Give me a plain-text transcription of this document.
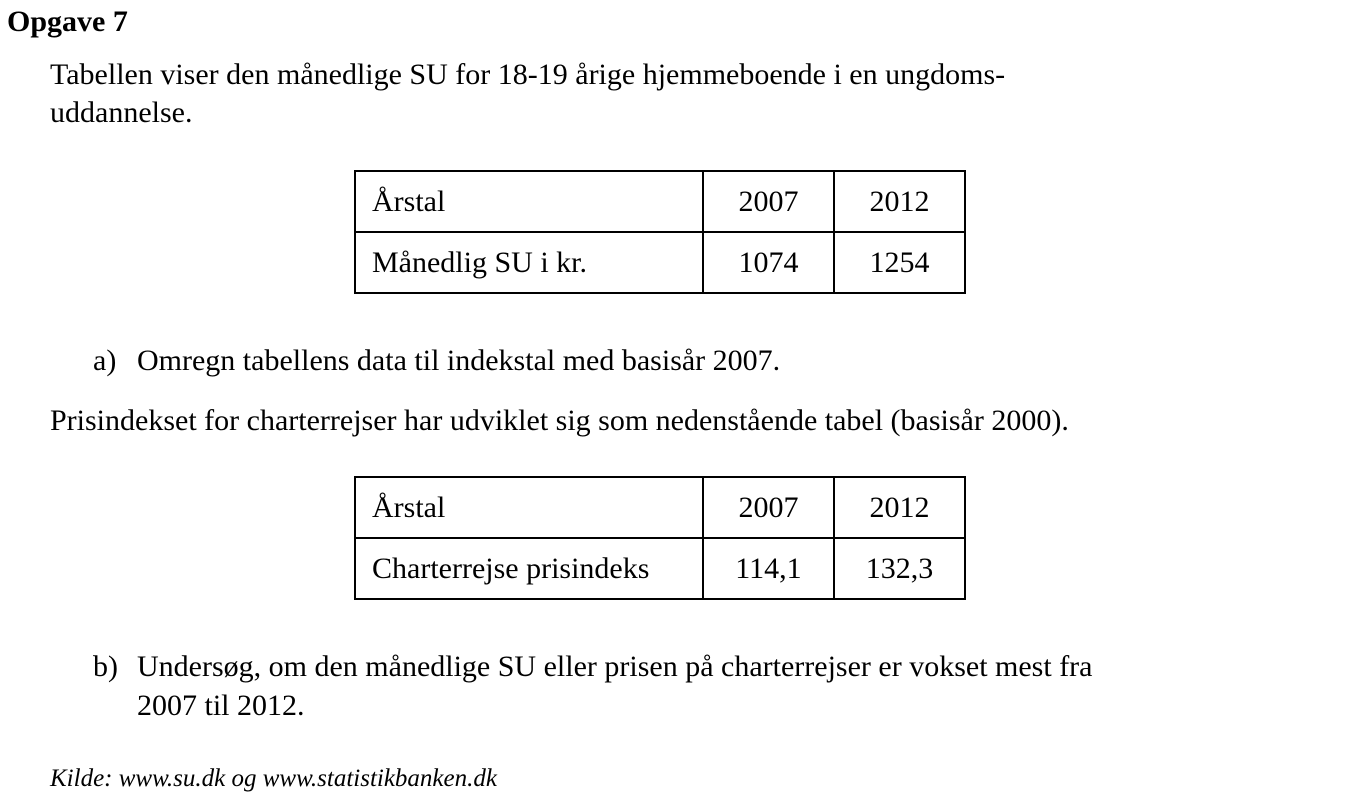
Opgave 7
Tabellen viser den månedlige SU for 18-19 årige hjemmeboende i en ungdoms-
uddannelse.
Årstal	2007	2012
Månedlig SU i kr.	1074	1254
a) Omregn tabellens data til indekstal med basisår 2007.
Prisindekset for charterrejser har udviklet sig som nedenstående tabel (basisår 2000).
Årstal	2007	2012
Charterrejse prisindeks	114,1	132,3
b) Undersøg, om den månedlige SU eller prisen på charterrejser er vokset mest fra
2007 til 2012.
Kilde: www.su.dk og www.statistikbanken.dk
